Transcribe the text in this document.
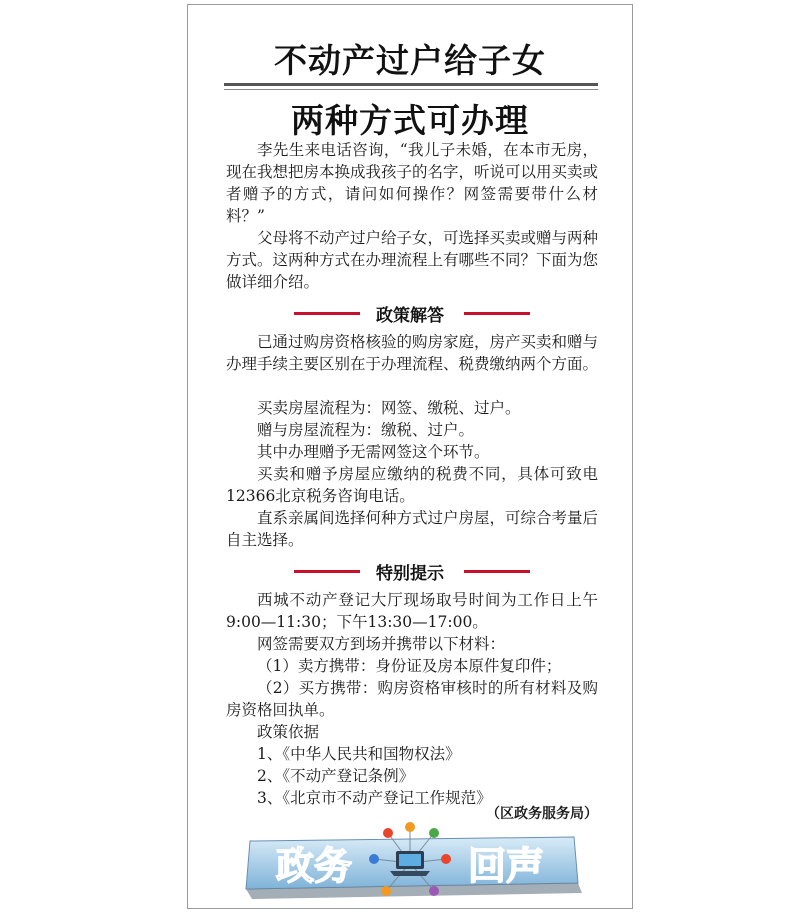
不动产过户给子女
两种方式可办理

李先生来电话咨询，“我儿子未婚，在本市无房，现在我想把房本换成我孩子的名字，听说可以用买卖或者赠予的方式，请问如何操作？网签需要带什么材料？”

父母将不动产过户给子女，可选择买卖或赠与两种方式。这两种方式在办理流程上有哪些不同？下面为您做详细介绍。

政策解答

已通过购房资格核验的购房家庭，房产买卖和赠与办理手续主要区别在于办理流程、税费缴纳两个方面。

买卖房屋流程为：网签、缴税、过户。

赠与房屋流程为：缴税、过户。

其中办理赠予无需网签这个环节。

买卖和赠予房屋应缴纳的税费不同，具体可致电12366北京税务咨询电话。

直系亲属间选择何种方式过户房屋，可综合考量后自主选择。

特别提示

西城不动产登记大厅现场取号时间为工作日上午9:00—11:30；下午13:30—17:00。

网签需要双方到场并携带以下材料：

（1）卖方携带：身份证及房本原件复印件；

（2）买方携带：购房资格审核时的所有材料及购房资格回执单。

政策依据

1、《中华人民共和国物权法》

2、《不动产登记条例》

3、《北京市不动产登记工作规范》

（区政务服务局）
政务	回声
